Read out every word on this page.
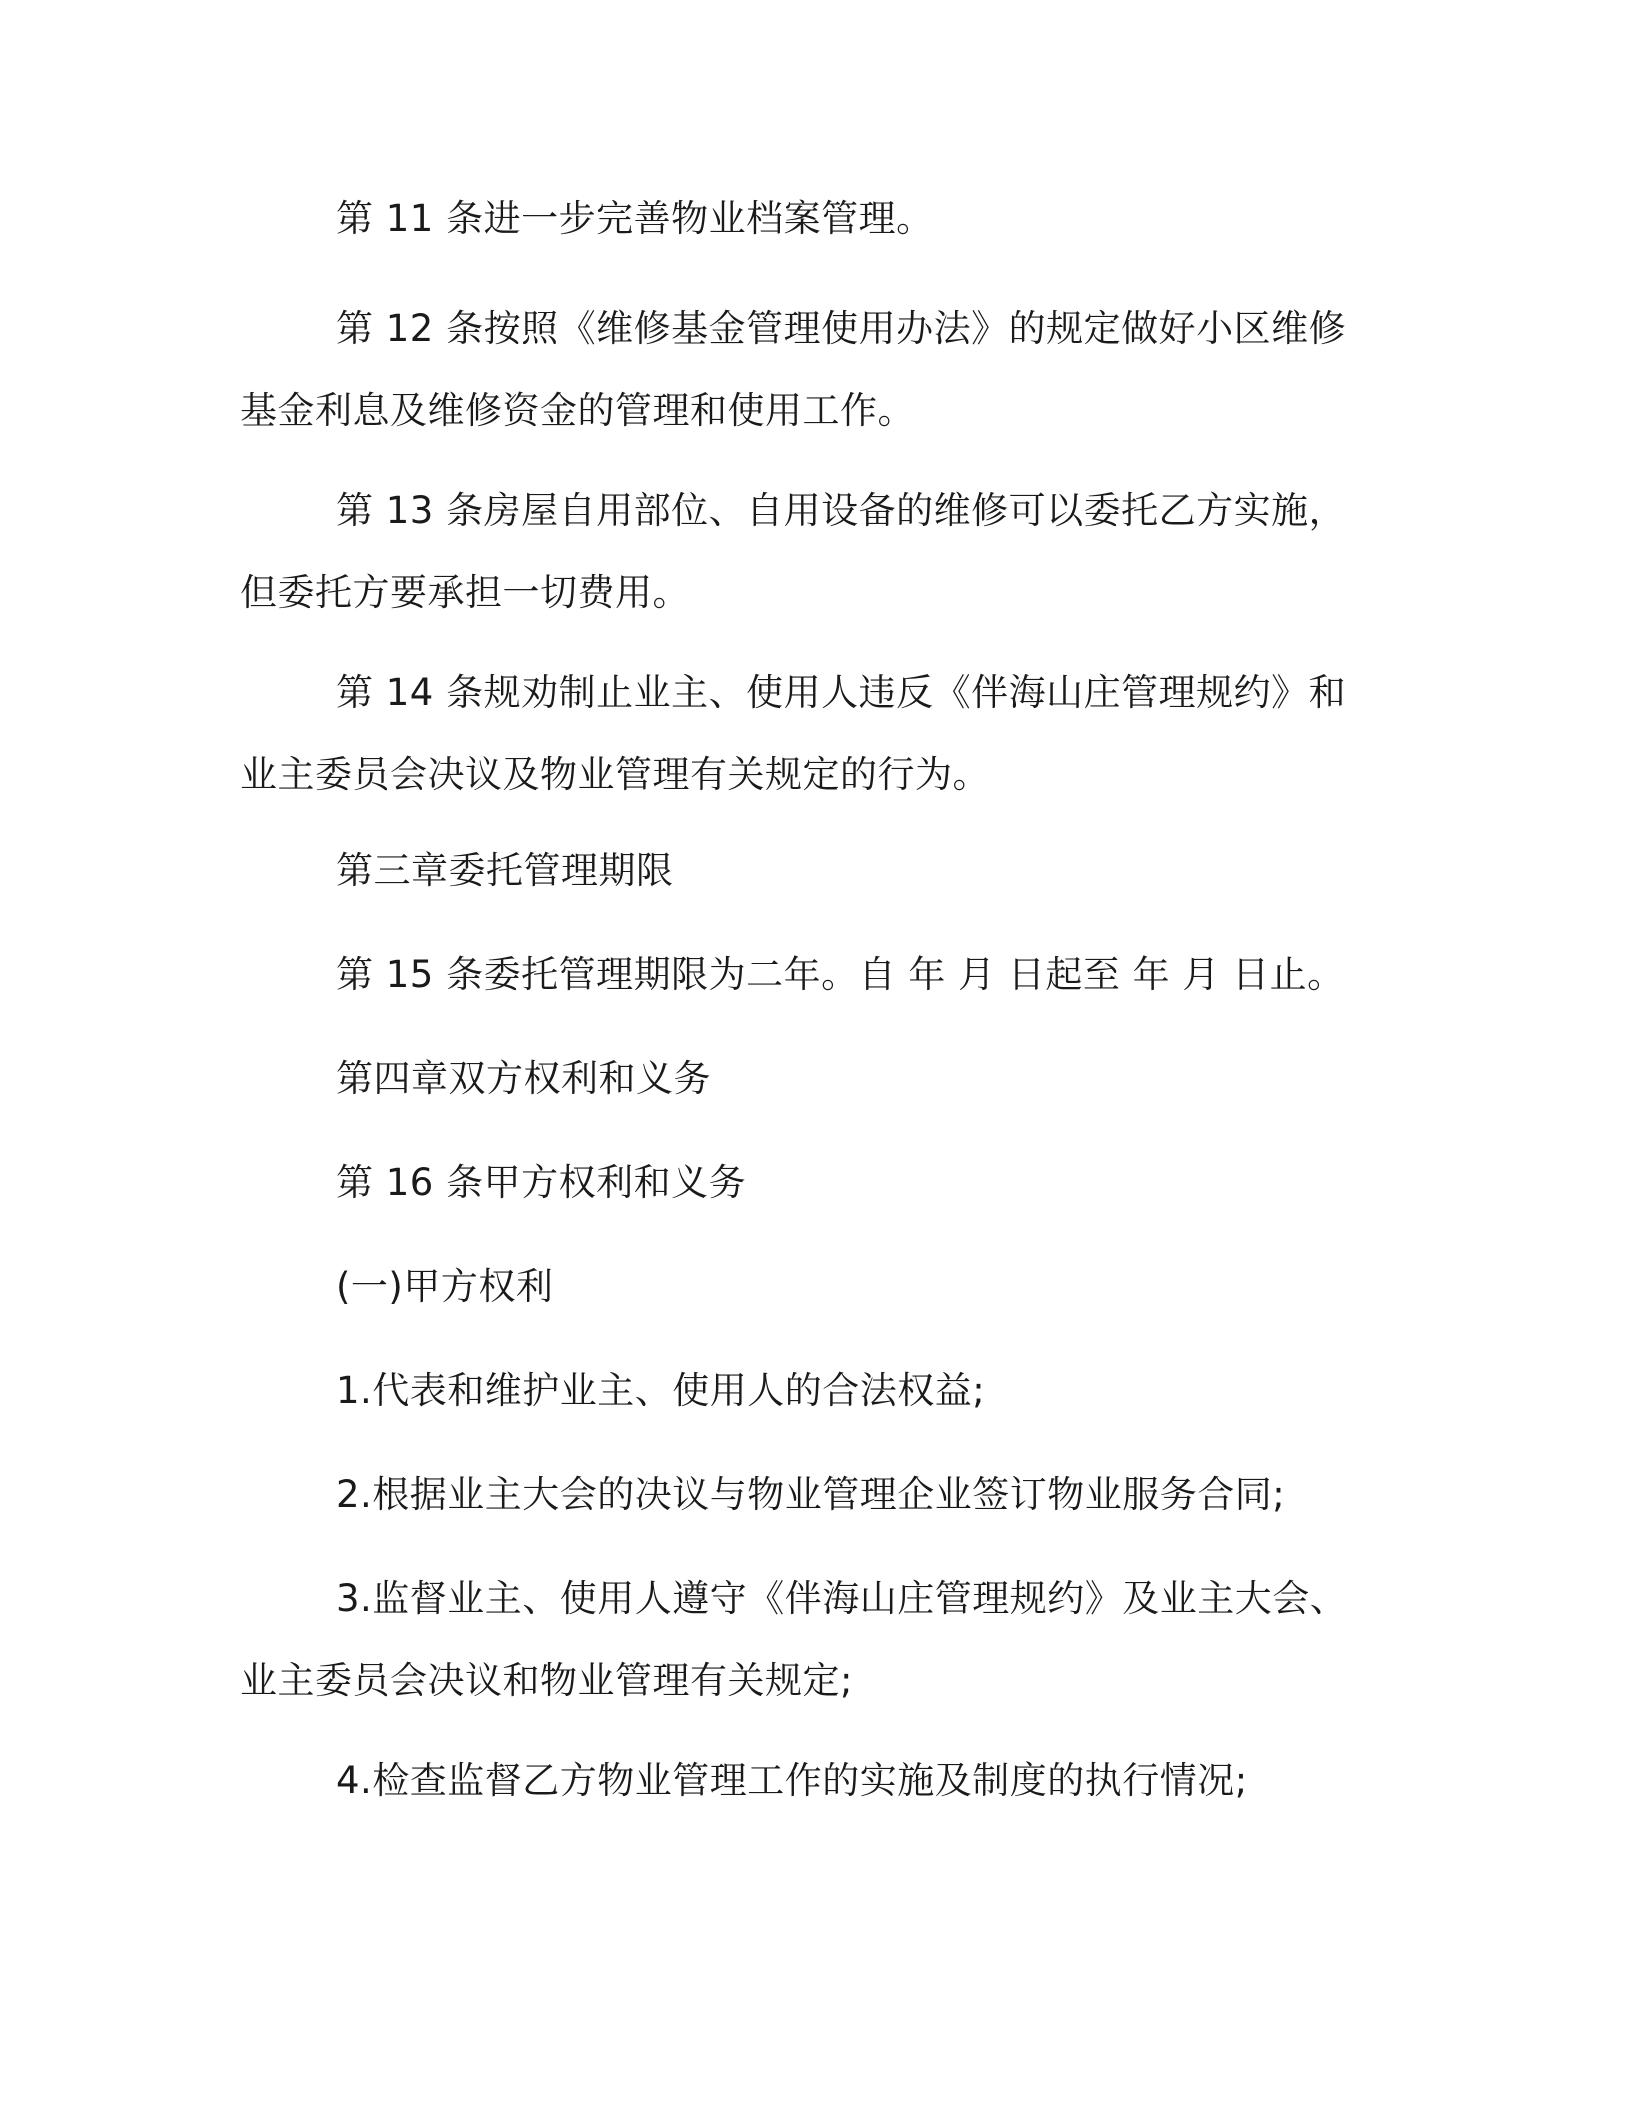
第 11 条进一步完善物业档案管理。

第 12 条按照《维修基金管理使用办法》的规定做好小区维修基金利息及维修资金的管理和使用工作。

第 13 条房屋自用部位、自用设备的维修可以委托乙方实施，但委托方要承担一切费用。

第 14 条规劝制止业主、使用人违反《伴海山庄管理规约》和业主委员会决议及物业管理有关规定的行为。

第三章委托管理期限

第 15 条委托管理期限为二年。自 年 月 日起至 年 月 日止。

第四章双方权利和义务

第 16 条甲方权利和义务

(一)甲方权利

1.代表和维护业主、使用人的合法权益;

2.根据业主大会的决议与物业管理企业签订物业服务合同;

3.监督业主、使用人遵守《伴海山庄管理规约》及业主大会、业主委员会决议和物业管理有关规定;

4.检查监督乙方物业管理工作的实施及制度的执行情况;
